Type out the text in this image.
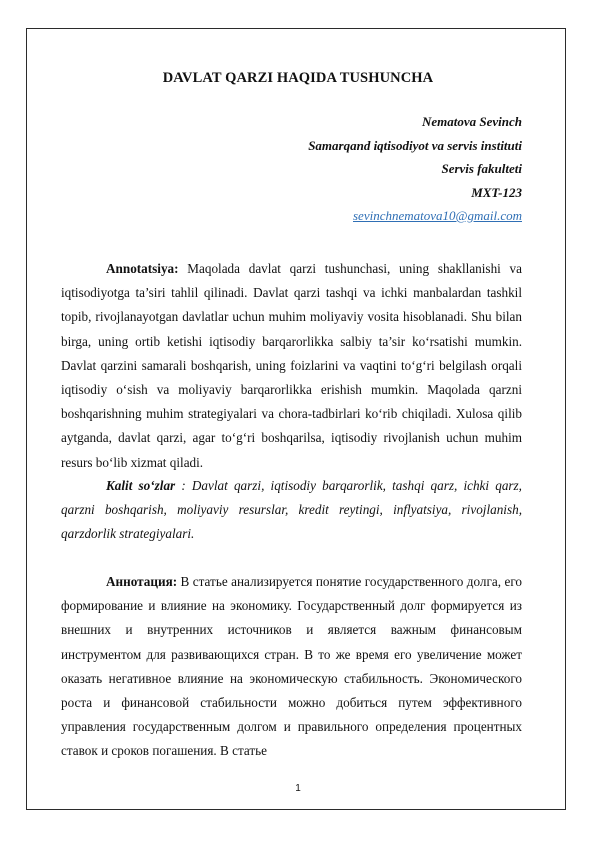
DAVLAT QARZI HAQIDA TUSHUNCHA
Nematova Sevinch
Samarqand iqtisodiyot va servis instituti
Servis fakulteti
MXT-123
sevinchnematova10@gmail.com

Annotatsiya: Maqolada davlat qarzi tushunchasi, uning shakllanishi va iqtisodiyotga ta’siri tahlil qilinadi. Davlat qarzi tashqi va ichki manbalardan tashkil topib, rivojlanayotgan davlatlar uchun muhim moliyaviy vosita hisoblanadi. Shu bilan birga, uning ortib ketishi iqtisodiy barqarorlikka salbiy ta’sir ko‘rsatishi mumkin. Davlat qarzini samarali boshqarish, uning foizlarini va vaqtini to‘g‘ri belgilash orqali iqtisodiy o‘sish va moliyaviy barqarorlikka erishish mumkin. Maqolada qarzni boshqarishning muhim strategiyalari va chora-tadbirlari ko‘rib chiqiladi. Xulosa qilib aytganda, davlat qarzi, agar to‘g‘ri boshqarilsa, iqtisodiy rivojlanish uchun muhim resurs bo‘lib xizmat qiladi.

Kalit so‘zlar : Davlat qarzi, iqtisodiy barqarorlik, tashqi qarz, ichki qarz, qarzni boshqarish, moliyaviy resurslar, kredit reytingi, inflyatsiya, rivojlanish, qarzdorlik strategiyalari.

Аннотация: В статье анализируется понятие государственного долга, его формирование и влияние на экономику. Государственный долг формируется из внешних и внутренних источников и является важным финансовым инструментом для развивающихся стран. В то же время его увеличение может оказать негативное влияние на экономическую стабильность. Экономического роста и финансовой стабильности можно добиться путем эффективного управления государственным долгом и правильного определения процентных ставок и сроков погашения. В статье

1
